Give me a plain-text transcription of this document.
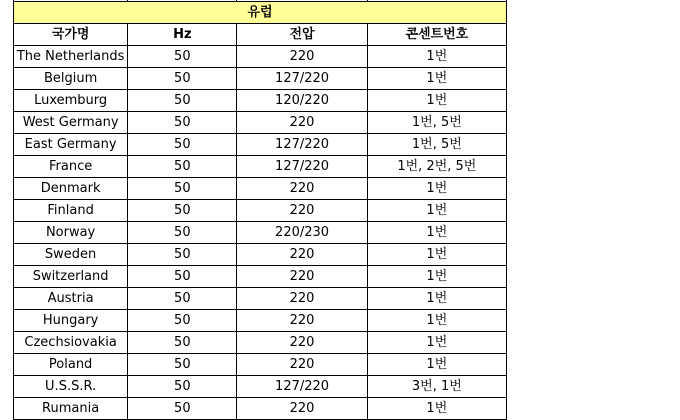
유럽			
국가명	Hz	전압	콘센트번호
The Netherlands	50	220	1번
Belgium	50	127/220	1번
Luxemburg	50	120/220	1번
West Germany	50	220	1번, 5번
East Germany	50	127/220	1번, 5번
France	50	127/220	1번, 2번, 5번
Denmark	50	220	1번
Finland	50	220	1번
Norway	50	220/230	1번
Sweden	50	220	1번
Switzerland	50	220	1번
Austria	50	220	1번
Hungary	50	220	1번
Czechsiovakia	50	220	1번
Poland	50	220	1번
U.S.S.R.	50	127/220	3번, 1번
Rumania	50	220	1번
